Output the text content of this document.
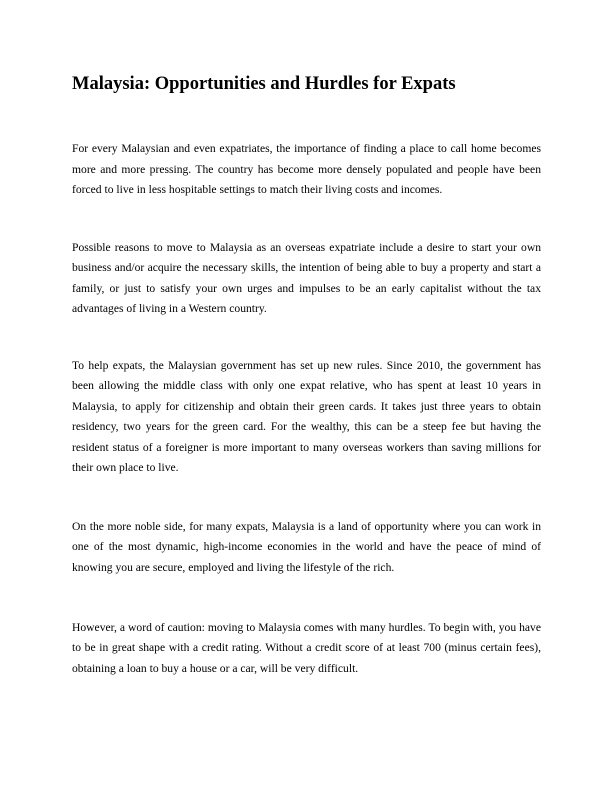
Malaysia: Opportunities and Hurdles for Expats

For every Malaysian and even expatriates, the importance of finding a place to call home becomes more and more pressing. The country has become more densely populated and people have been forced to live in less hospitable settings to match their living costs and incomes.

Possible reasons to move to Malaysia as an overseas expatriate include a desire to start your own business and/or acquire the necessary skills, the intention of being able to buy a property and start a family, or just to satisfy your own urges and impulses to be an early capitalist without the tax advantages of living in a Western country.

To help expats, the Malaysian government has set up new rules. Since 2010, the government has been allowing the middle class with only one expat relative, who has spent at least 10 years in Malaysia, to apply for citizenship and obtain their green cards. It takes just three years to obtain residency, two years for the green card. For the wealthy, this can be a steep fee but having the resident status of a foreigner is more important to many overseas workers than saving millions for their own place to live.

On the more noble side, for many expats, Malaysia is a land of opportunity where you can work in one of the most dynamic, high-income economies in the world and have the peace of mind of knowing you are secure, employed and living the lifestyle of the rich.

However, a word of caution: moving to Malaysia comes with many hurdles. To begin with, you have to be in great shape with a credit rating. Without a credit score of at least 700 (minus certain fees), obtaining a loan to buy a house or a car, will be very difficult.
